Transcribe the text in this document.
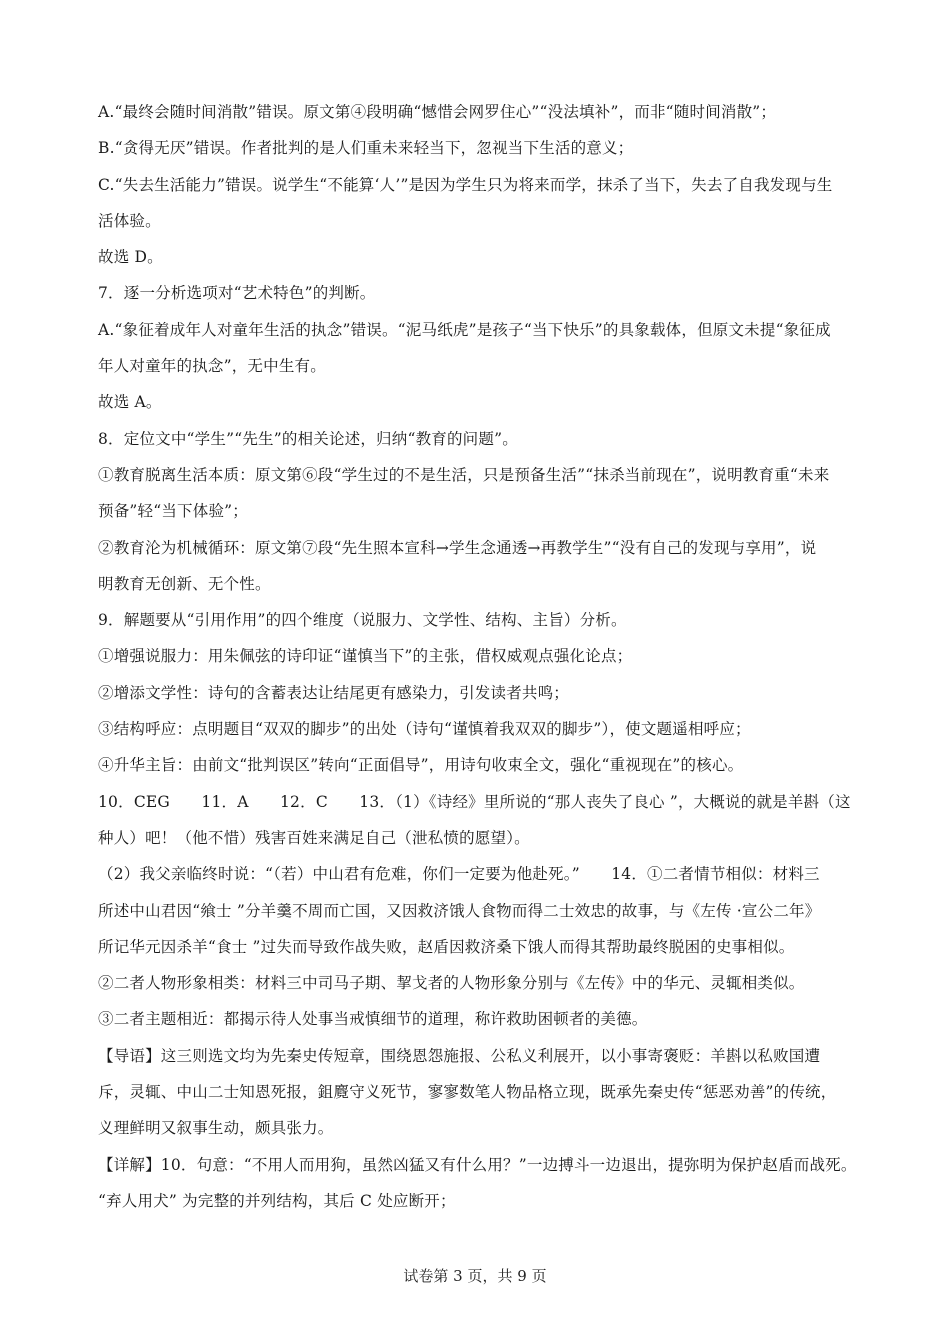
A.“最终会随时间消散”错误。原文第④段明确“憾惜会网罗住心”“没法填补”，而非“随时间消散”；
B.“贪得无厌”错误。作者批判的是人们重未来轻当下，忽视当下生活的意义；
C.“失去生活能力”错误。说学生“不能算‘人’”是因为学生只为将来而学，抹杀了当下，失去了自我发现与生
活体验。
故选 D。
7．逐一分析选项对“艺术特色”的判断。
A.“象征着成年人对童年生活的执念”错误。“泥马纸虎”是孩子“当下快乐”的具象载体，但原文未提“象征成
年人对童年的执念”，无中生有。
故选 A。
8．定位文中“学生”“先生”的相关论述，归纳“教育的问题”。
①教育脱离生活本质：原文第⑥段“学生过的不是生活，只是预备生活”“抹杀当前现在”，说明教育重“未来
预备”轻“当下体验”；
②教育沦为机械循环：原文第⑦段“先生照本宣科→学生念通透→再教学生”“没有自己的发现与享用”，说
明教育无创新、无个性。
9．解题要从“引用作用”的四个维度（说服力、文学性、结构、主旨）分析。
①增强说服力：用朱佩弦的诗印证“谨慎当下”的主张，借权威观点强化论点；
②增添文学性：诗句的含蓄表达让结尾更有感染力，引发读者共鸣；
③结构呼应：点明题目“双双的脚步”的出处（诗句“谨慎着我双双的脚步”），使文题遥相呼应；
④升华主旨：由前文“批判误区”转向“正面倡导”，用诗句收束全文，强化“重视现在”的核心。
10．CEG　　11．A　　12．C　　13．（1）《诗经》里所说的“那人丧失了良心 ”，大概说的就是羊斟（这
种人）吧！（他不惜）残害百姓来满足自己（泄私愤的愿望）。
（2）我父亲临终时说：“（若）中山君有危难，你们一定要为他赴死。”　　14．①二者情节相似：材料三
所述中山君因“飨士 ”分羊羹不周而亡国，又因救济饿人食物而得二士效忠的故事，与《左传 ·宣公二年》
所记华元因杀羊“食士 ”过失而导致作战失败，赵盾因救济桑下饿人而得其帮助最终脱困的史事相似。
②二者人物形象相类：材料三中司马子期、挈戈者的人物形象分别与《左传》中的华元、灵辄相类似。
③二者主题相近：都揭示待人处事当戒慎细节的道理，称许救助困顿者的美德。
【导语】这三则选文均为先秦史传短章，围绕恩怨施报、公私义利展开，以小事寄褒贬：羊斟以私败国遭
斥，灵辄、中山二士知恩死报，鉏麑守义死节，寥寥数笔人物品格立现，既承先秦史传“惩恶劝善”的传统，
义理鲜明又叙事生动，颇具张力。
【详解】10．句意：“不用人而用狗，虽然凶猛又有什么用？”一边搏斗一边退出，提弥明为保护赵盾而战死。
“弃人用犬” 为完整的并列结构，其后 C 处应断开；
试卷第 3 页，共 9 页
